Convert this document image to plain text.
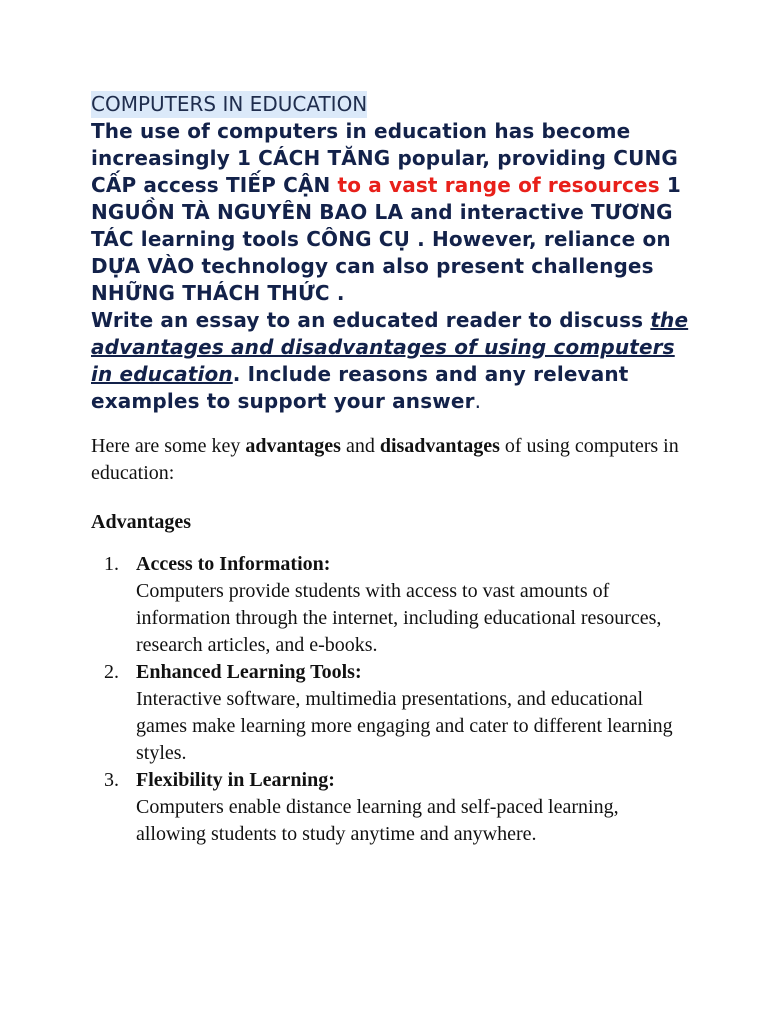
COMPUTERS IN EDUCATION

The use of computers in education has become increasingly 1 CÁCH TĂNG popular, providing CUNG CẤP access TIẾP CẬN to a vast range of resources 1 NGUỒN TÀ NGUYÊN BAO LA and interactive TƯƠNG TÁC learning tools CÔNG CỤ . However, reliance on DỰA VÀO technology can also present challenges NHỮNG THÁCH THỨC .
Write an essay to an educated reader to discuss the advantages and disadvantages of using computers in education. Include reasons and any relevant examples to support your answer.

Here are some key advantages and disadvantages of using computers in education:

Advantages
1. Access to Information:
Computers provide students with access to vast amounts of information through the internet, including educational resources, research articles, and e-books.
2. Enhanced Learning Tools:
Interactive software, multimedia presentations, and educational games make learning more engaging and cater to different learning styles.
3. Flexibility in Learning:
Computers enable distance learning and self-paced learning, allowing students to study anytime and anywhere.
